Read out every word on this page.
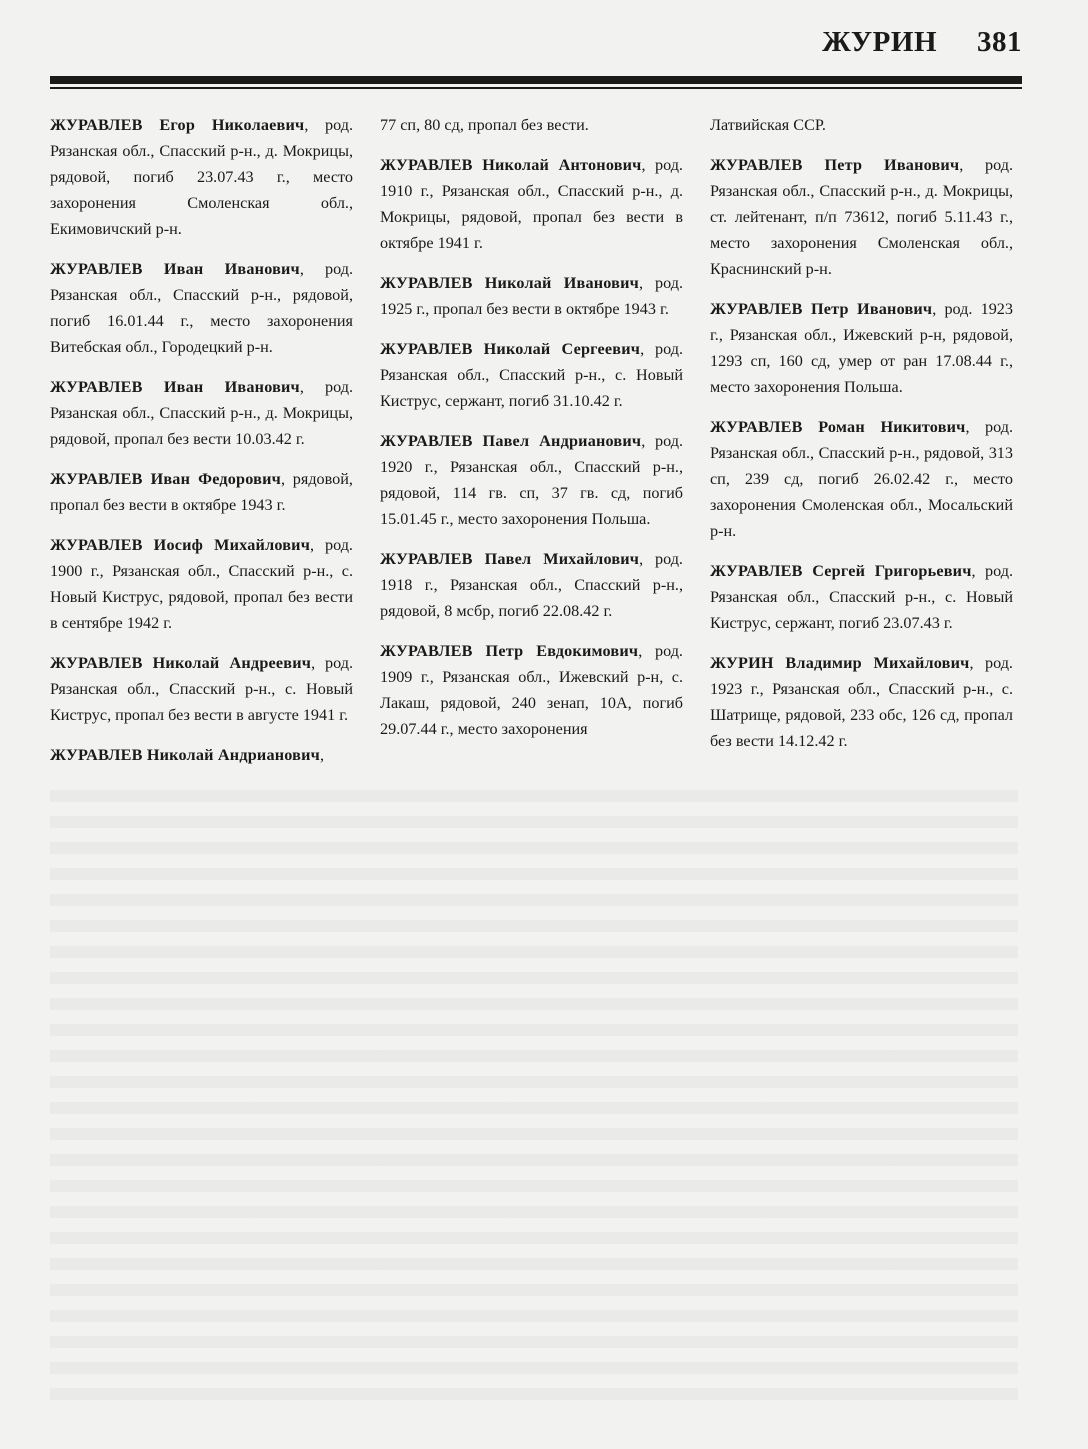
ЖУРИН 381

ЖУРАВЛЕВ Егор Николаевич, род. Рязанская обл., Спасский р-н., д. Мокрицы, рядовой, погиб 23.07.43 г., место захоронения Смоленская обл., Екимовичский р-н.

ЖУРАВЛЕВ Иван Иванович, род. Рязанская обл., Спасский р-н., рядовой, погиб 16.01.44 г., место захоронения Витебская обл., Городецкий р-н.

ЖУРАВЛЕВ Иван Иванович, род. Рязанская обл., Спасский р-н., д. Мокрицы, рядовой, пропал без вести 10.03.42 г.

ЖУРАВЛЕВ Иван Федорович, рядовой, пропал без вести в октябре 1943 г.

ЖУРАВЛЕВ Иосиф Михайлович, род. 1900 г., Рязанская обл., Спасский р-н., с. Новый Киструс, рядовой, пропал без вести в сентябре 1942 г.

ЖУРАВЛЕВ Николай Андреевич, род. Рязанская обл., Спасский р-н., с. Новый Киструс, пропал без вести в августе 1941 г.

ЖУРАВЛЕВ Николай Андрианович,

77 сп, 80 сд, пропал без вести.

ЖУРАВЛЕВ Николай Антонович, род. 1910 г., Рязанская обл., Спасский р-н., д. Мокрицы, рядовой, пропал без вести в октябре 1941 г.

ЖУРАВЛЕВ Николай Иванович, род. 1925 г., пропал без вести в октябре 1943 г.

ЖУРАВЛЕВ Николай Сергеевич, род. Рязанская обл., Спасский р-н., с. Новый Киструс, сержант, погиб 31.10.42 г.

ЖУРАВЛЕВ Павел Андрианович, род. 1920 г., Рязанская обл., Спасский р-н., рядовой, 114 гв. сп, 37 гв. сд, погиб 15.01.45 г., место захоронения Польша.

ЖУРАВЛЕВ Павел Михайлович, род. 1918 г., Рязанская обл., Спасский р-н., рядовой, 8 мсбр, погиб 22.08.42 г.

ЖУРАВЛЕВ Петр Евдокимович, род. 1909 г., Рязанская обл., Ижевский р-н, с. Лакаш, рядовой, 240 зенап, 10А, погиб 29.07.44 г., место захоронения

Латвийская ССР.

ЖУРАВЛЕВ Петр Иванович, род. Рязанская обл., Спасский р-н., д. Мокрицы, ст. лейтенант, п/п 73612, погиб 5.11.43 г., место захоронения Смоленская обл., Краснинский р-н.

ЖУРАВЛЕВ Петр Иванович, род. 1923 г., Рязанская обл., Ижевский р-н, рядовой, 1293 сп, 160 сд, умер от ран 17.08.44 г., место захоронения Польша.

ЖУРАВЛЕВ Роман Никитович, род. Рязанская обл., Спасский р-н., рядовой, 313 сп, 239 сд, погиб 26.02.42 г., место захоронения Смоленская обл., Мосальский р-н.

ЖУРАВЛЕВ Сергей Григорьевич, род. Рязанская обл., Спасский р-н., с. Новый Киструс, сержант, погиб 23.07.43 г.

ЖУРИН Владимир Михайлович, род. 1923 г., Рязанская обл., Спасский р-н., с. Шатрище, рядовой, 233 обс, 126 сд, пропал без вести 14.12.42 г.
